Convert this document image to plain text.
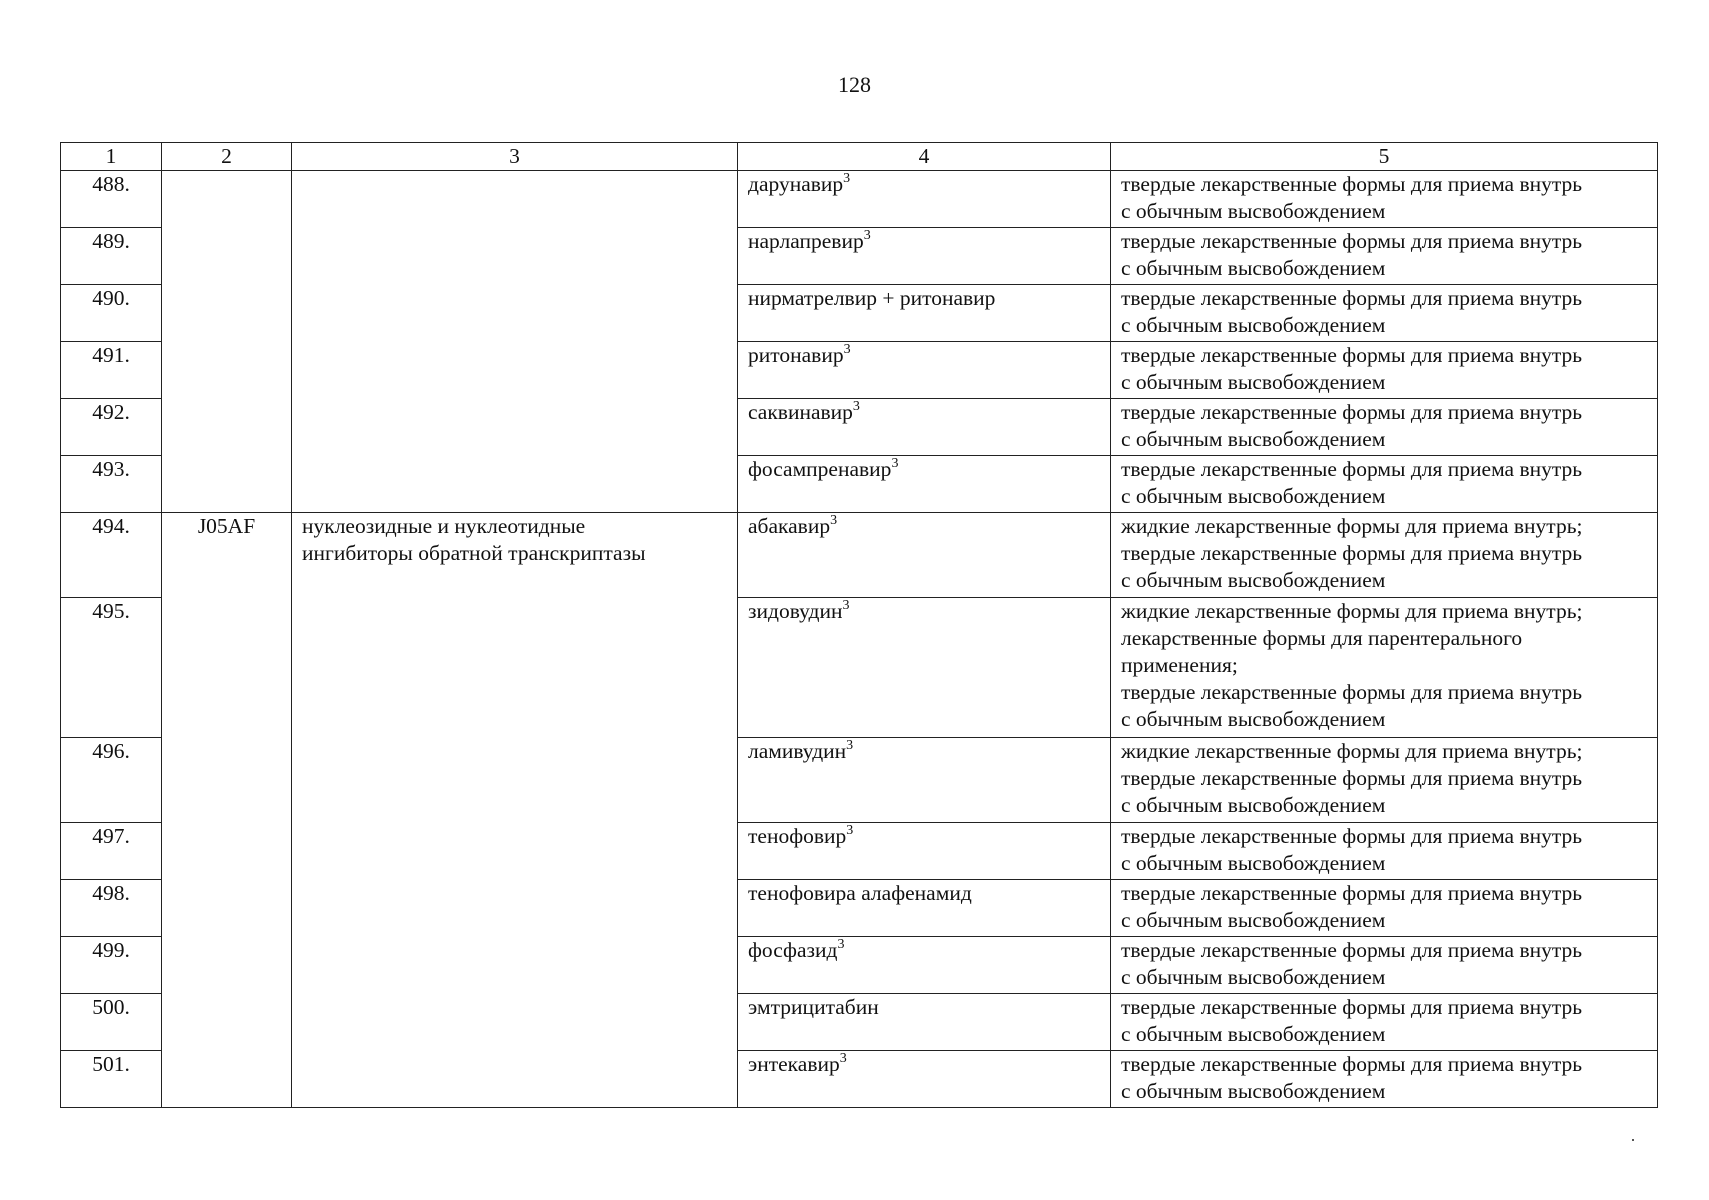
128
1	2	3	4	5
488.			дарунавир$^3$	твердые лекарственные формы для приема внутрь
с обычным высвобождением

489.			нарлапревир$^3$	твердые лекарственные формы для приема внутрь
с обычным высвобождением

490.			нирматрелвир + ритонавир	твердые лекарственные формы для приема внутрь
с обычным высвобождением

491.			ритонавир$^3$	твердые лекарственные формы для приема внутрь
с обычным высвобождением

492.			саквинавир$^3$	твердые лекарственные формы для приема внутрь
с обычным высвобождением

493.			фосампренавир$^3$	твердые лекарственные формы для приема внутрь
с обычным высвобождением

494.	J05AF	нуклеозидные и нуклеотидные
ингибиторы обратной транскриптазы	абакавир$^3$	жидкие лекарственные формы для приема внутрь;
твердые лекарственные формы для приема внутрь
с обычным высвобождением

495.			зидовудин$^3$	жидкие лекарственные формы для приема внутрь;
лекарственные формы для парентерального
применения;
твердые лекарственные формы для приема внутрь
с обычным высвобождением

496.			ламивудин$^3$	жидкие лекарственные формы для приема внутрь;
твердые лекарственные формы для приема внутрь
с обычным высвобождением

497.			тенофовир$^3$	твердые лекарственные формы для приема внутрь
с обычным высвобождением

498.			тенофовира алафенамид	твердые лекарственные формы для приема внутрь
с обычным высвобождением

499.			фосфазид$^3$	твердые лекарственные формы для приема внутрь
с обычным высвобождением

500.			эмтрицитабин	твердые лекарственные формы для приема внутрь
с обычным высвобождением

501.			энтекавир$^3$	твердые лекарственные формы для приема внутрь
с обычным высвобождением
